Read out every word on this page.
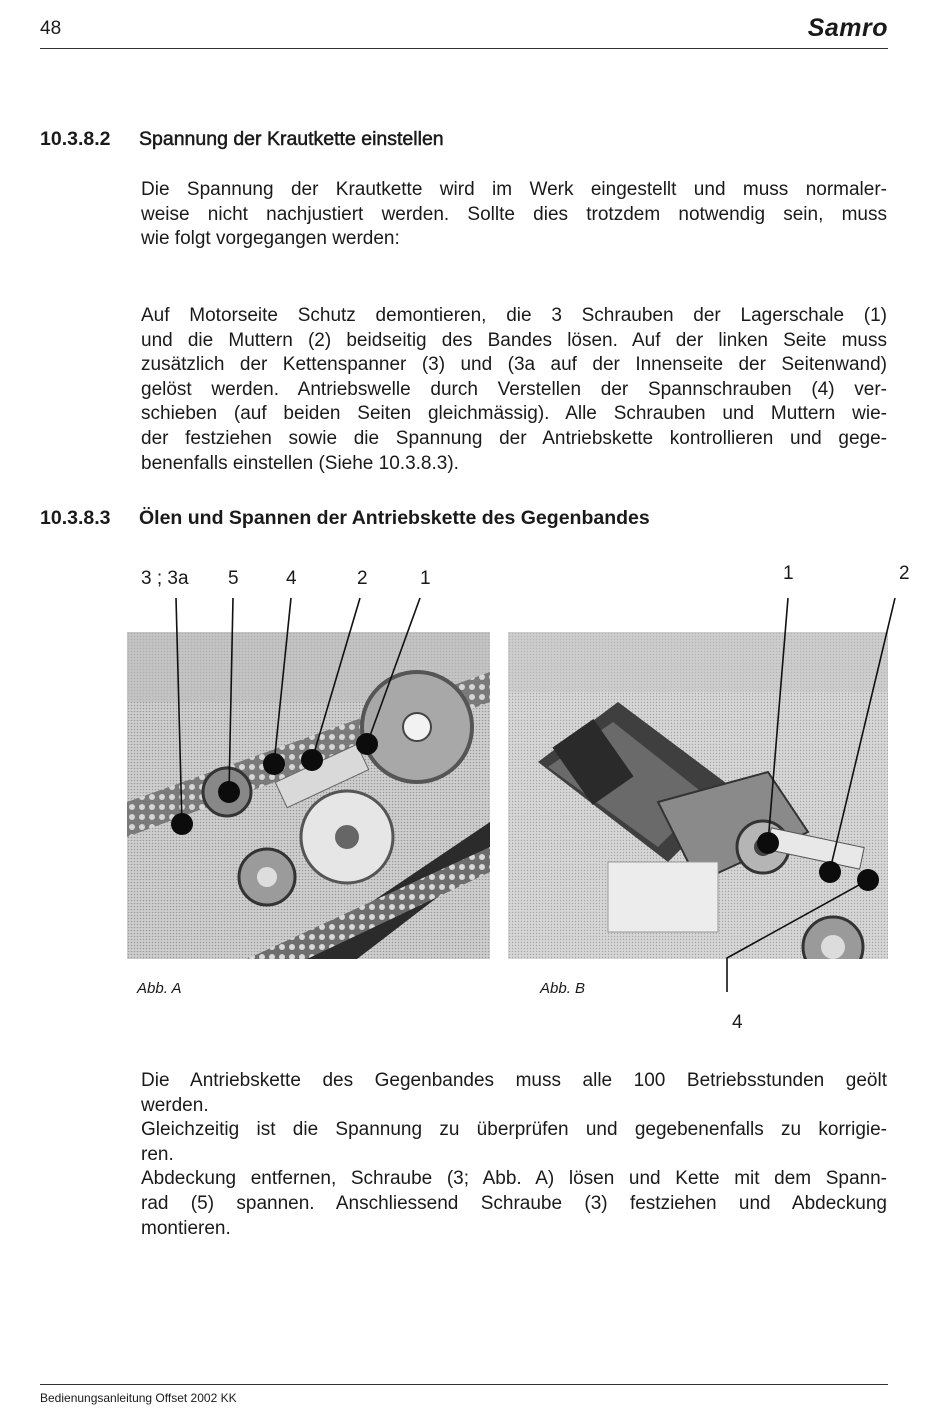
48	Samro
10.3.8.2 Spannung der Krautkette einstellen

Die Spannung der Krautkette wird im Werk eingestellt und muss normaler-
weise nicht nachjustiert werden. Sollte dies trotzdem notwendig sein, muss
wie folgt vorgegangen werden:

Auf Motorseite Schutz demontieren, die 3 Schrauben der Lagerschale (1)
und die Muttern (2) beidseitig des Bandes lösen. Auf der linken Seite muss
zusätzlich der Kettenspanner (3) und (3a auf der Innenseite der Seitenwand)
gelöst werden. Antriebswelle durch Verstellen der Spannschrauben (4) ver-
schieben (auf beiden Seiten gleichmässig). Alle Schrauben und Muttern wie-
der festziehen sowie die Spannung der Antriebskette kontrollieren und gege-
benenfalls einstellen (Siehe 10.3.8.3).

10.3.8.3 Ölen und Spannen der Antriebskette des Gegenbandes
3 ; 3a 5 4	2	1	1	2
4
Abb. A	Abb. B

Die Antriebskette des Gegenbandes muss alle 100 Betriebsstunden geölt
werden.
Gleichzeitig ist die Spannung zu überprüfen und gegebenenfalls zu korrigie-
ren.
Abdeckung entfernen, Schraube (3; Abb. A) lösen und Kette mit dem Spann-
rad (5) spannen. Anschliessend Schraube (3) festziehen und Abdeckung
montieren.

Bedienungsanleitung Offset 2002 KK
